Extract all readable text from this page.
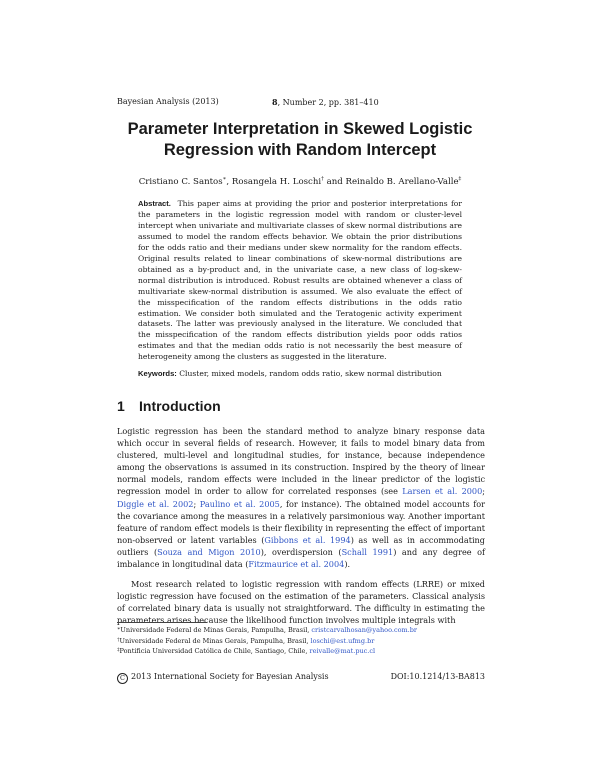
Bayesian Analysis (2013)	8, Number 2, pp. 381–410
Parameter Interpretation in Skewed Logistic
Regression with Random Intercept
Cristiano C. Santos∗, Rosangela H. Loschi† and Reinaldo B. Arellano-Valle‡

Abstract. This paper aims at providing the prior and posterior interpretations for the parameters in the logistic regression model with random or cluster-level intercept when univariate and multivariate classes of skew normal distributions are assumed to model the random effects behavior. We obtain the prior distributions for the odds ratio and their medians under skew normality for the random effects. Original results related to linear combinations of skew-normal distributions are obtained as a by-product and, in the univariate case, a new class of log-skew-normal distribution is introduced. Robust results are obtained whenever a class of multivariate skew-normal distribution is assumed. We also evaluate the effect of the misspecification of the random effects distributions in the odds ratio estimation. We consider both simulated and the Teratogenic activity experiment datasets. The latter was previously analysed in the literature. We concluded that the misspecification of the random effects distribution yields poor odds ratios estimates and that the median odds ratio is not necessarily the best measure of heterogeneity among the clusters as suggested in the literature.

Keywords: Cluster, mixed models, random odds ratio, skew normal distribution

1 Introduction

Logistic regression has been the standard method to analyze binary response data which occur in several fields of research. However, it fails to model binary data from clustered, multi-level and longitudinal studies, for instance, because independence among the observations is assumed in its construction. Inspired by the theory of linear normal models, random effects were included in the linear predictor of the logistic regression model in order to allow for correlated responses (see Larsen et al. 2000; Diggle et al. 2002; Paulino et al. 2005, for instance). The obtained model accounts for the covariance among the measures in a relatively parsimonious way. Another important feature of random effect models is their flexibility in representing the effect of important non-observed or latent variables (Gibbons et al. 1994) as well as in accommodating outliers (Souza and Migon 2010), overdispersion (Schall 1991) and any degree of imbalance in longitudinal data (Fitzmaurice et al. 2004).

Most research related to logistic regression with random effects (LRRE) or mixed logistic regression have focused on the estimation of the parameters. Classical analysis of correlated binary data is usually not straightforward. The difficulty in estimating the parameters arises because the likelihood function involves multiple integrals with

∗Universidade Federal de Minas Gerais, Pampulha, Brasil, cristcarvalhosan@yahoo.com.br
†Universidade Federal de Minas Gerais, Pampulha, Brasil, loschi@est.ufmg.br
‡Pontificia Universidad Católica de Chile, Santiago, Chile, reivalle@mat.puc.cl
C 2013 International Society for Bayesian Analysis	DOI:10.1214/13-BA813
